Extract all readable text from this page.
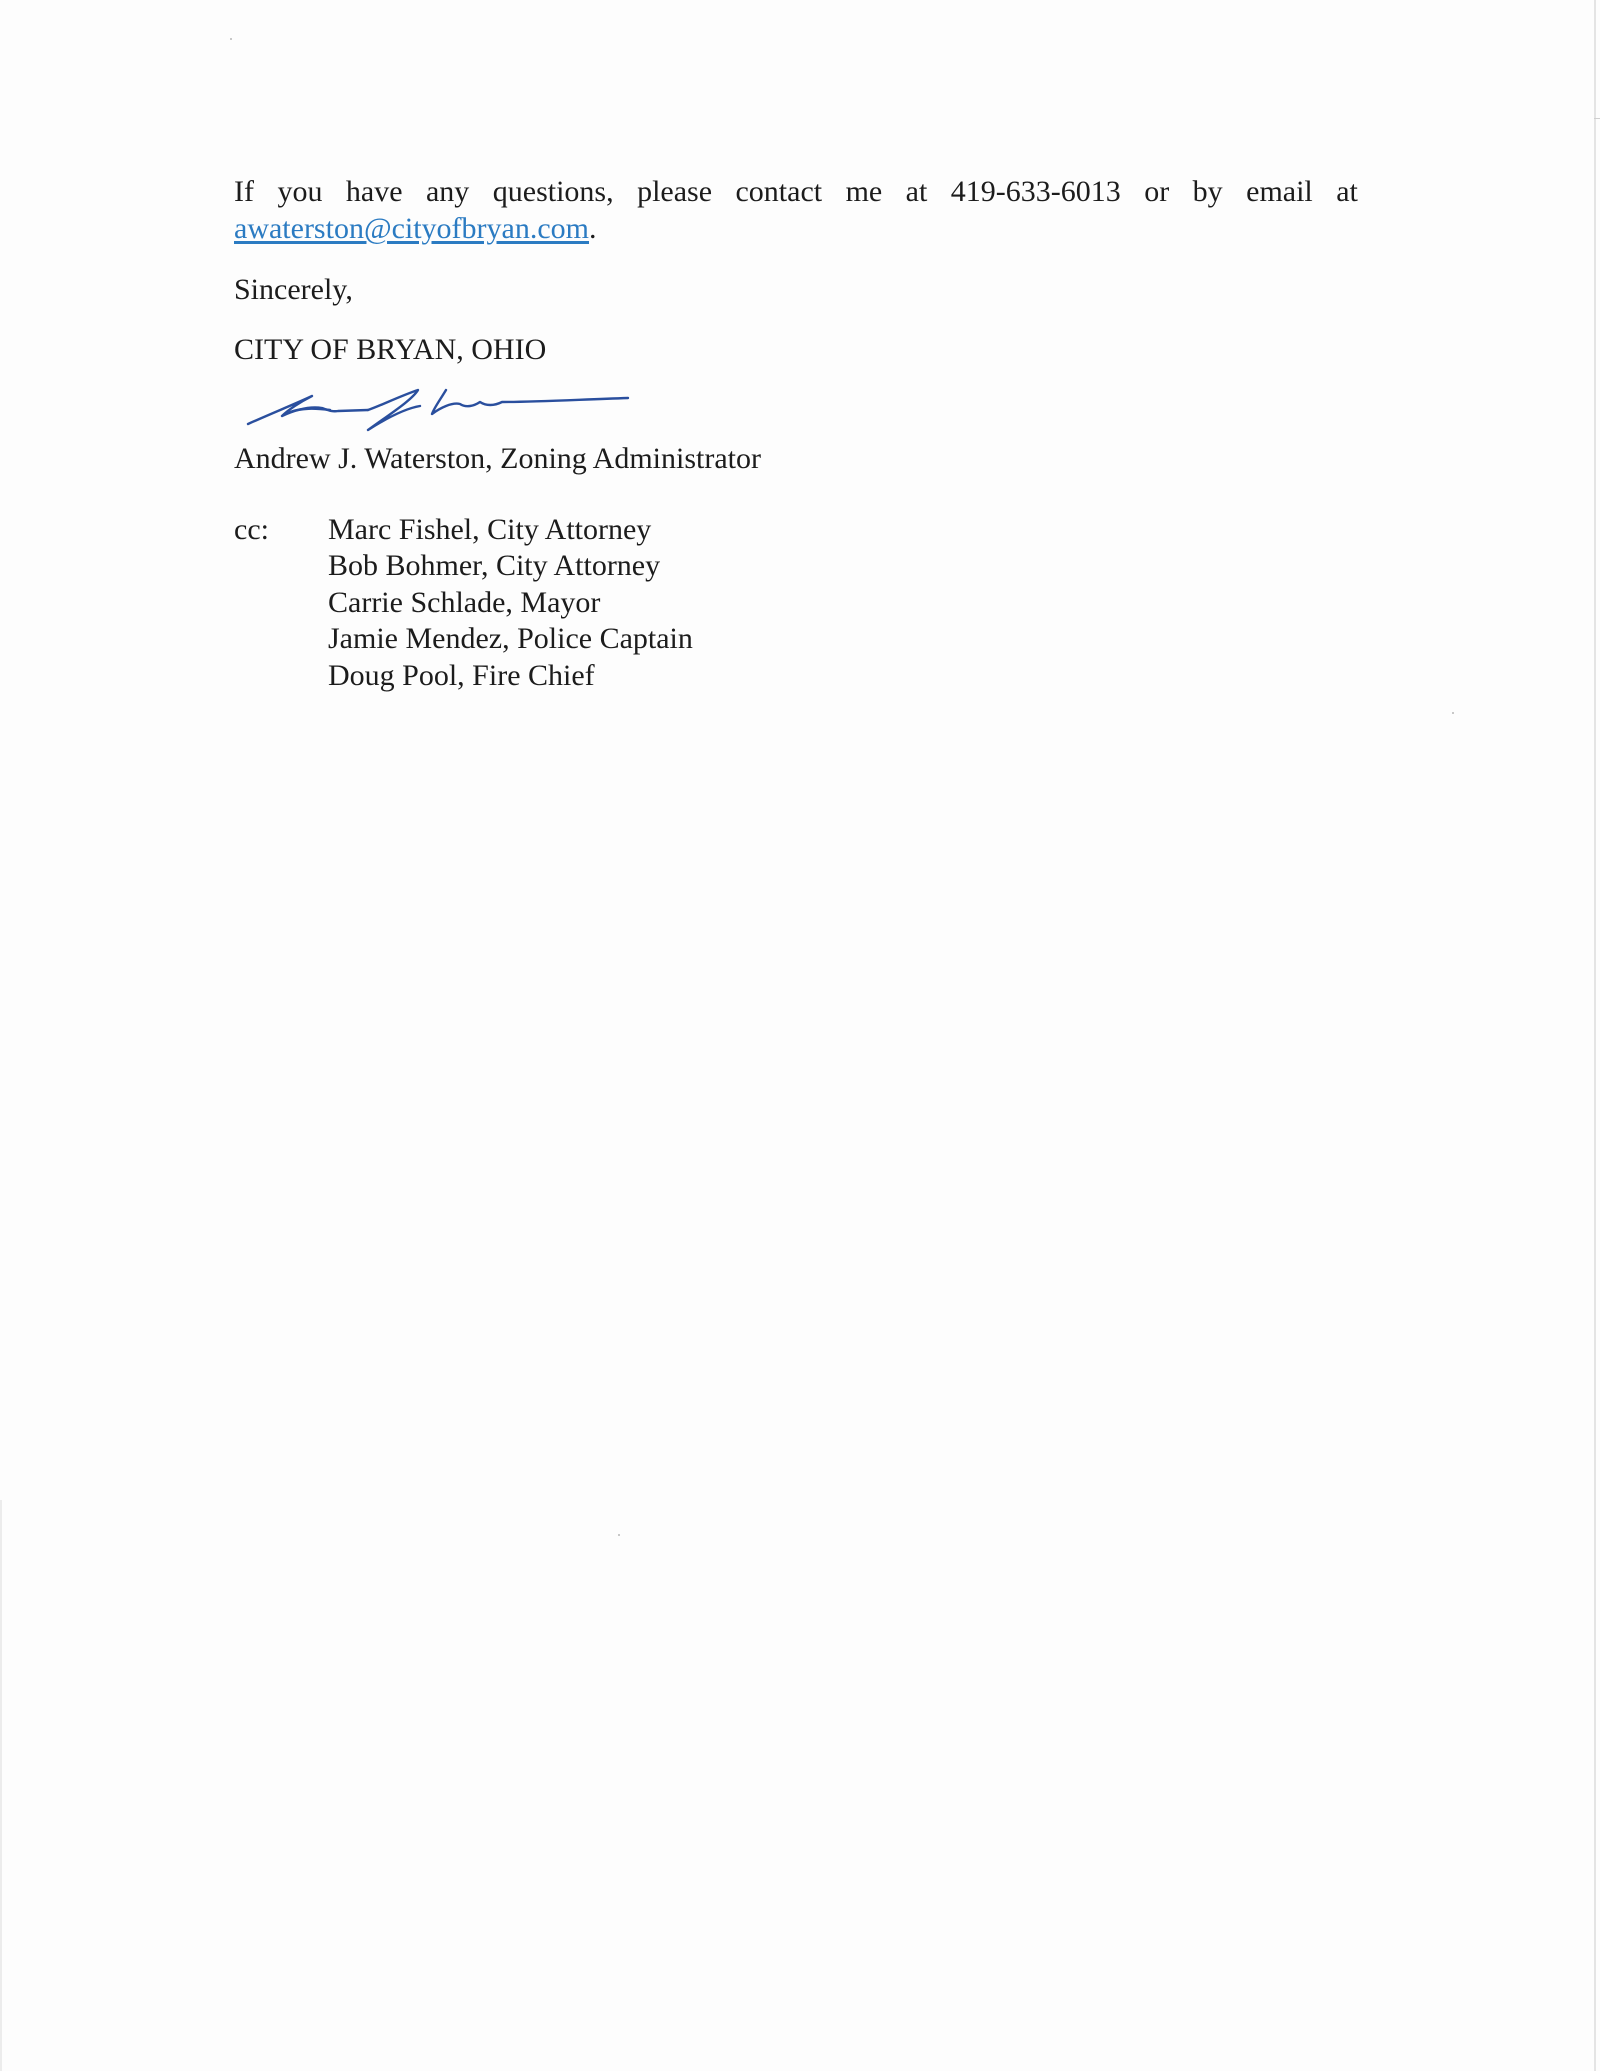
If you have any questions, please contact me at 419-633-6013 or by email at
awaterston@cityofbryan.com.
Sincerely,
CITY OF BRYAN, OHIO
Andrew J. Waterston, Zoning Administrator
cc: Marc Fishel, City Attorney
Bob Bohmer, City Attorney
Carrie Schlade, Mayor
Jamie Mendez, Police Captain
Doug Pool, Fire Chief
